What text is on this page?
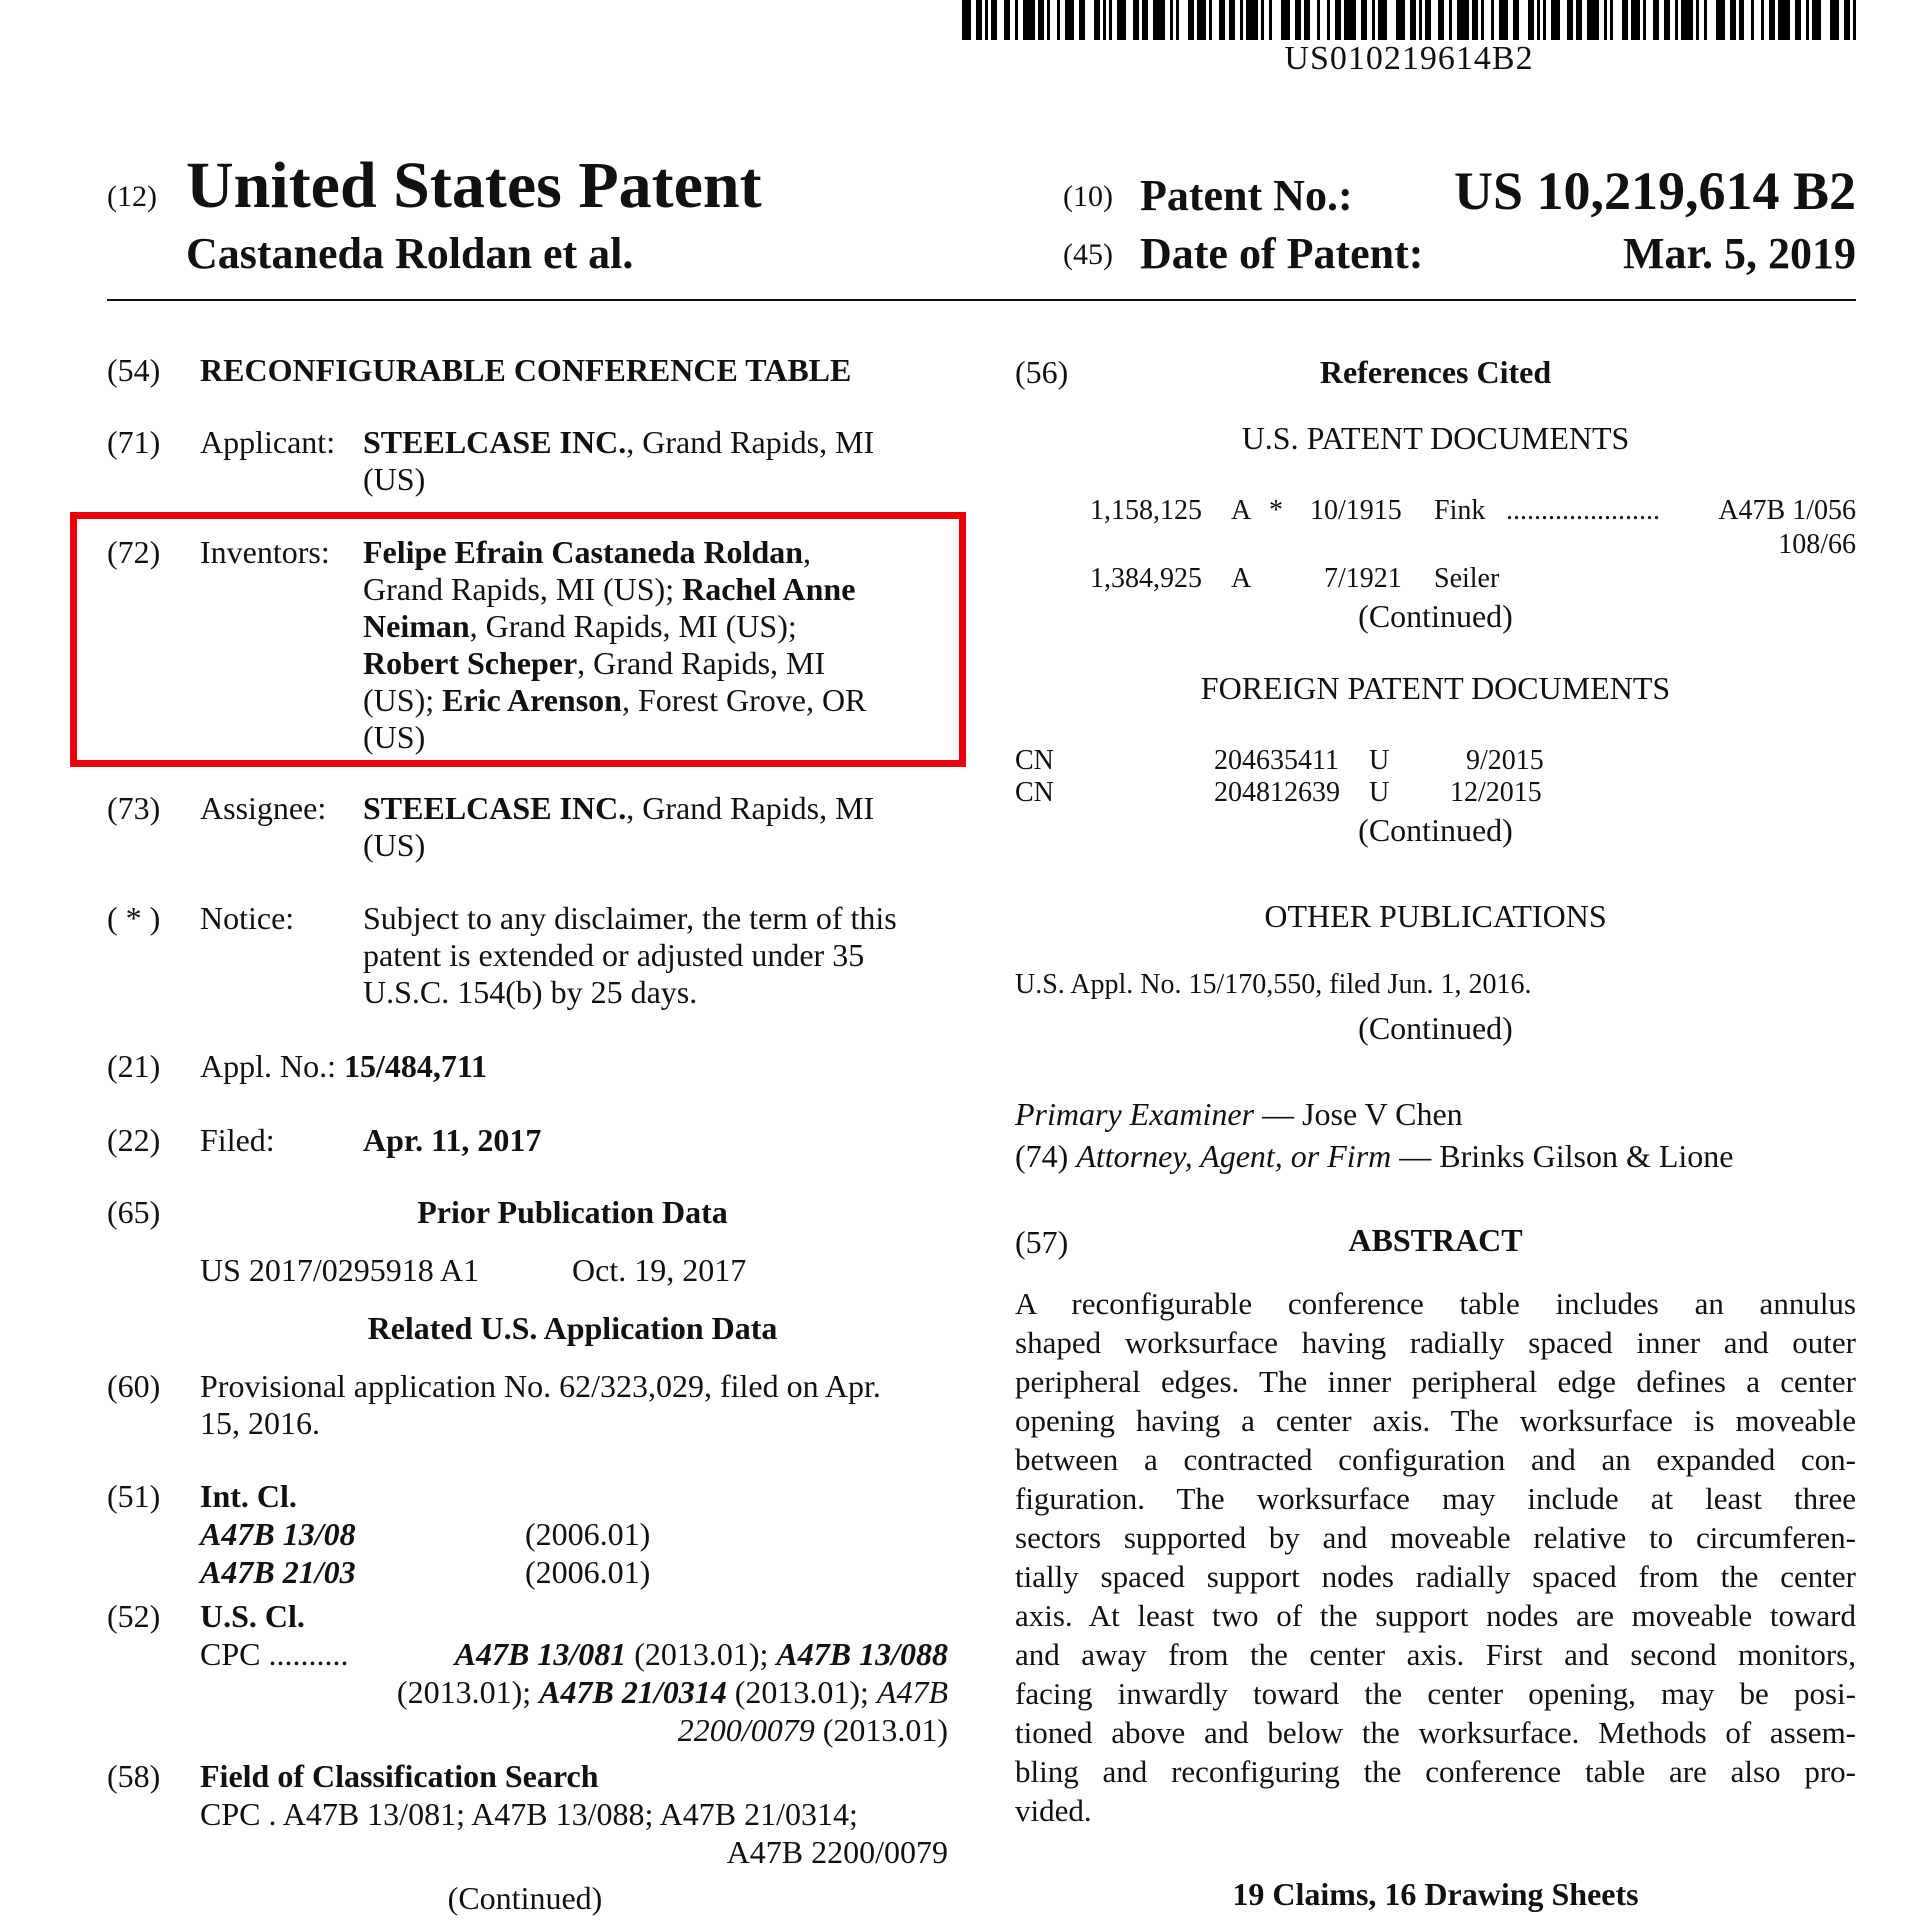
US010219614B2
(12) United States Patent
Castaneda Roldan et al.
(10) Patent No.: US 10,219,614 B2
(45) Date of Patent:	Mar. 5, 2019
(54) RECONFIGURABLE CONFERENCE TABLE
(71) Applicant: STEELCASE INC., Grand Rapids, MI
(US)
(72) Inventors: Felipe Efrain Castaneda Roldan,
Grand Rapids, MI (US); Rachel Anne
Neiman, Grand Rapids, MI (US);
Robert Scheper, Grand Rapids, MI
(US); Eric Arenson, Forest Grove, OR
(US)
(73) Assignee: STEELCASE INC., Grand Rapids, MI
(US)
( * ) Notice: Subject to any disclaimer, the term of this
patent is extended or adjusted under 35
U.S.C. 154(b) by 25 days.
(21) Appl. No.: 15/484,711
(22) Filed:	Apr. 11, 2017
(65)	Prior Publication Data
US 2017/0295918 A1	Oct. 19, 2017
Related U.S. Application Data
(60) Provisional application No. 62/323,029, filed on Apr.
15, 2016.
(51) Int. Cl.
A47B 13/08	(2006.01)
A47B 21/03	(2006.01)
(52) U.S. Cl.
CPC ..........	A47B 13/081 (2013.01); A47B 13/088
(2013.01); A47B 21/0314 (2013.01); A47B
2200/0079 (2013.01)
(58) Field of Classification Search
CPC . A47B 13/081; A47B 13/088; A47B 21/0314;
A47B 2200/0079
(Continued)
(56)	References Cited
U.S. PATENT DOCUMENTS
1,158,125 A * 10/1915 Fink ...................... A47B 1/056
108/66
1,384,925 A	7/1921 Seiler
(Continued)
FOREIGN PATENT DOCUMENTS
CN	204635411 U	9/2015
CN	204812639 U 12/2015
(Continued)
OTHER PUBLICATIONS
U.S. Appl. No. 15/170,550, filed Jun. 1, 2016.
(Continued)
Primary Examiner — Jose V Chen
(74) Attorney, Agent, or Firm — Brinks Gilson & Lione
(57)	ABSTRACT
A reconfigurable conference table includes an annulus
shaped worksurface having radially spaced inner and outer
peripheral edges. The inner peripheral edge defines a center
opening having a center axis. The worksurface is moveable
between a contracted configuration and an expanded con-
figuration. The worksurface may include at least three
sectors supported by and moveable relative to circumferen-
tially spaced support nodes radially spaced from the center
axis. At least two of the support nodes are moveable toward
and away from the center axis. First and second monitors,
facing inwardly toward the center opening, may be posi-
tioned above and below the worksurface. Methods of assem-
bling and reconfiguring the conference table are also pro-
vided.
19 Claims, 16 Drawing Sheets
